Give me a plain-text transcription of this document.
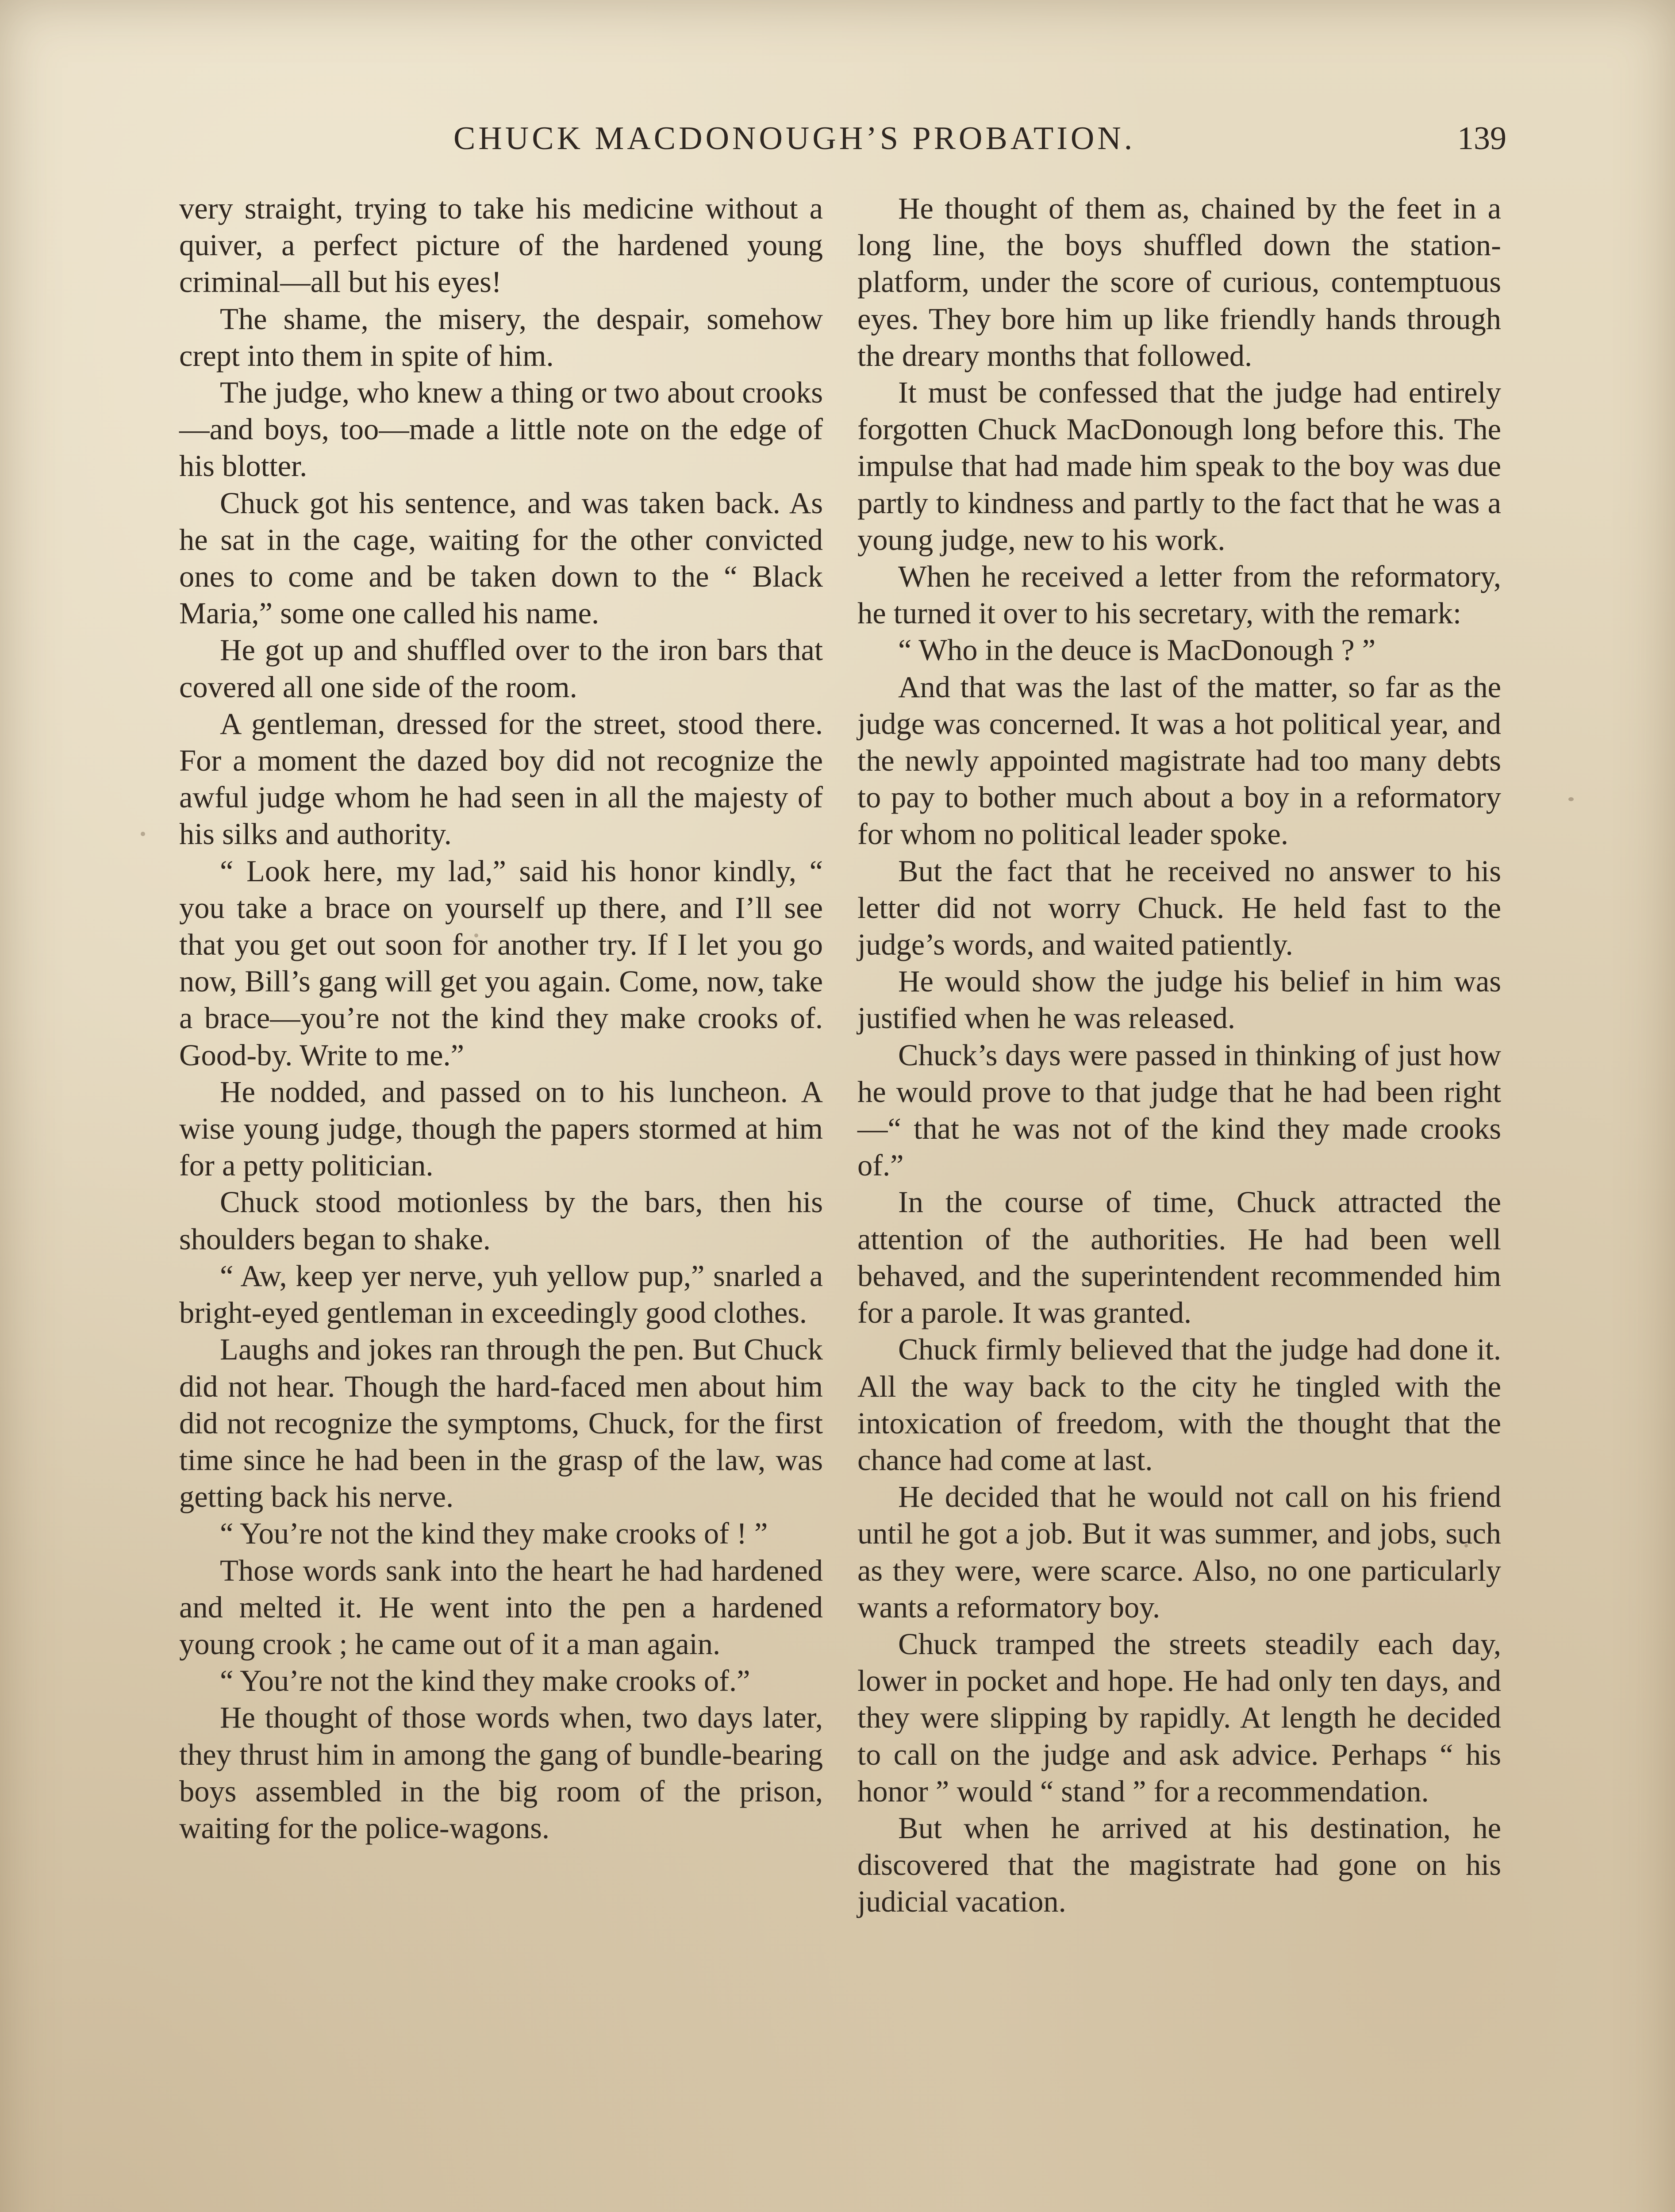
CHUCK MACDONOUGH’S PROBATION.	139

very straight, trying to take his medicine without a quiver, a perfect picture of the hardened young criminal—all but his eyes!

The shame, the misery, the despair, somehow crept into them in spite of him.

The judge, who knew a thing or two about crooks—and boys, too—made a little note on the edge of his blotter.

Chuck got his sentence, and was taken back. As he sat in the cage, waiting for the other convicted ones to come and be taken down to the “ Black Maria,” some one called his name.

He got up and shuffled over to the iron bars that covered all one side of the room.

A gentleman, dressed for the street, stood there. For a moment the dazed boy did not recognize the awful judge whom he had seen in all the majesty of his silks and authority.

“ Look here, my lad,” said his honor kindly, “ you take a brace on yourself up there, and I’ll see that you get out soon for another try. If I let you go now, Bill’s gang will get you again. Come, now, take a brace—you’re not the kind they make crooks of. Good-by. Write to me.”

He nodded, and passed on to his luncheon. A wise young judge, though the papers stormed at him for a petty politician.

Chuck stood motionless by the bars, then his shoulders began to shake.

“ Aw, keep yer nerve, yuh yellow pup,” snarled a bright-eyed gentleman in exceedingly good clothes.

Laughs and jokes ran through the pen. But Chuck did not hear. Though the hard-faced men about him did not recognize the symptoms, Chuck, for the first time since he had been in the grasp of the law, was getting back his nerve.

“ You’re not the kind they make crooks of ! ”

Those words sank into the heart he had hardened and melted it. He went into the pen a hardened young crook ; he came out of it a man again.

“ You’re not the kind they make crooks of.”

He thought of those words when, two days later, they thrust him in among the gang of bundle-bearing boys assembled in the big room of the prison, waiting for the police-wagons.

He thought of them as, chained by the feet in a long line, the boys shuffled down the station-platform, under the score of curious, contemptuous eyes. They bore him up like friendly hands through the dreary months that followed.

It must be confessed that the judge had entirely forgotten Chuck MacDonough long before this. The impulse that had made him speak to the boy was due partly to kindness and partly to the fact that he was a young judge, new to his work.

When he received a letter from the reformatory, he turned it over to his secretary, with the remark:

“ Who in the deuce is MacDonough ? ”

And that was the last of the matter, so far as the judge was concerned. It was a hot political year, and the newly appointed magistrate had too many debts to pay to bother much about a boy in a reformatory for whom no political leader spoke.

But the fact that he received no answer to his letter did not worry Chuck. He held fast to the judge’s words, and waited patiently.

He would show the judge his belief in him was justified when he was released.

Chuck’s days were passed in thinking of just how he would prove to that judge that he had been right—“ that he was not of the kind they made crooks of.”

In the course of time, Chuck attracted the attention of the authorities. He had been well behaved, and the superintendent recommended him for a parole. It was granted.

Chuck firmly believed that the judge had done it. All the way back to the city he tingled with the intoxication of freedom, with the thought that the chance had come at last.

He decided that he would not call on his friend until he got a job. But it was summer, and jobs, such as they were, were scarce. Also, no one particularly wants a reformatory boy.

Chuck tramped the streets steadily each day, lower in pocket and hope. He had only ten days, and they were slipping by rapidly. At length he decided to call on the judge and ask advice. Perhaps “ his honor ” would “ stand ” for a recommendation.

But when he arrived at his destination, he discovered that the magistrate had gone on his judicial vacation.
